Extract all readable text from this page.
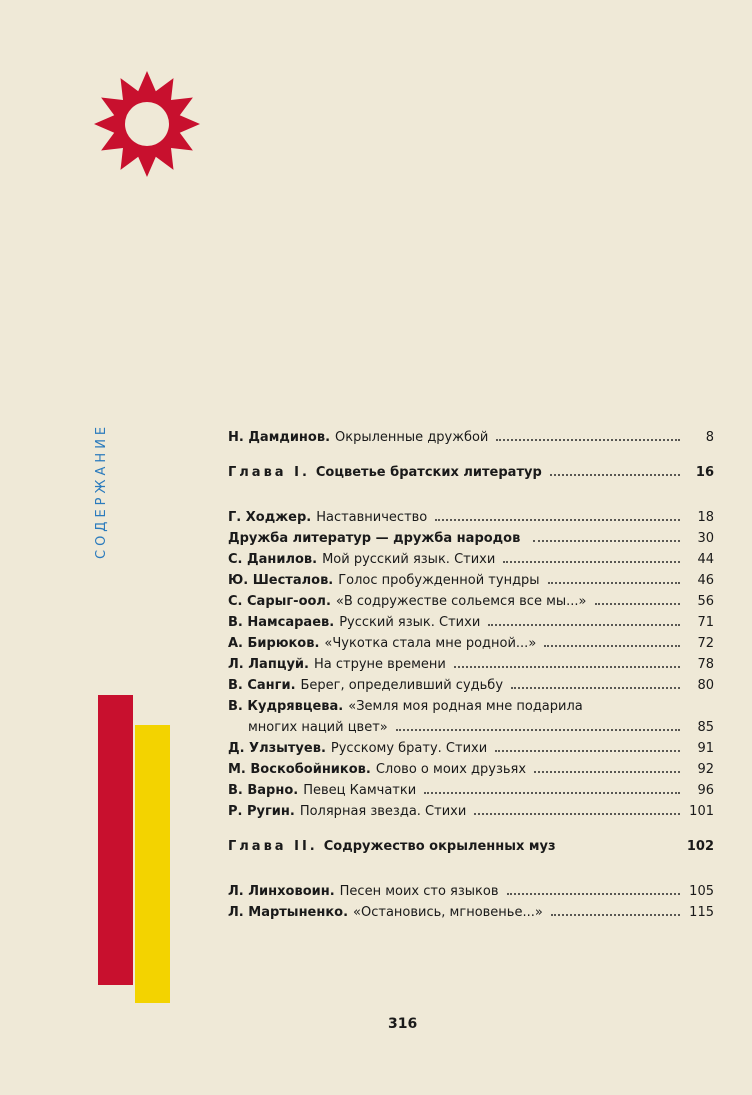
СОДЕРЖАНИЕ	Н. Дамдинов. Окрыленные дружбой	8
Глава I. Соцветье братских литератур	16
Г. Ходжер. Наставничество	18
Дружба литератур — дружба народов	30
С. Данилов. Мой русский язык. Стихи	44
Ю. Шесталов. Голос пробужденной тундры	46
С. Сарыг-оол. «В содружестве сольемся все мы...»	56
В. Намсараев. Русский язык. Стихи	71
А. Бирюков. «Чукотка стала мне родной...»	72
Л. Лапцуй. На струне времени	78
В. Санги. Берег, определивший судьбу	80
В. Кудрявцева. «Земля моя родная мне подарила
многих наций цвет»	85
Д. Улзытуев. Русскому брату. Стихи	91
М. Воскобойников. Слово о моих друзьях	92
В. Варно. Певец Камчатки	96
Р. Ругин. Полярная звезда. Стихи	101
Глава II. Содружество окрыленных муз	102
Л. Линховоин. Песен моих сто языков	105
Л. Мартыненко. «Остановись, мгновенье...»	115
316
